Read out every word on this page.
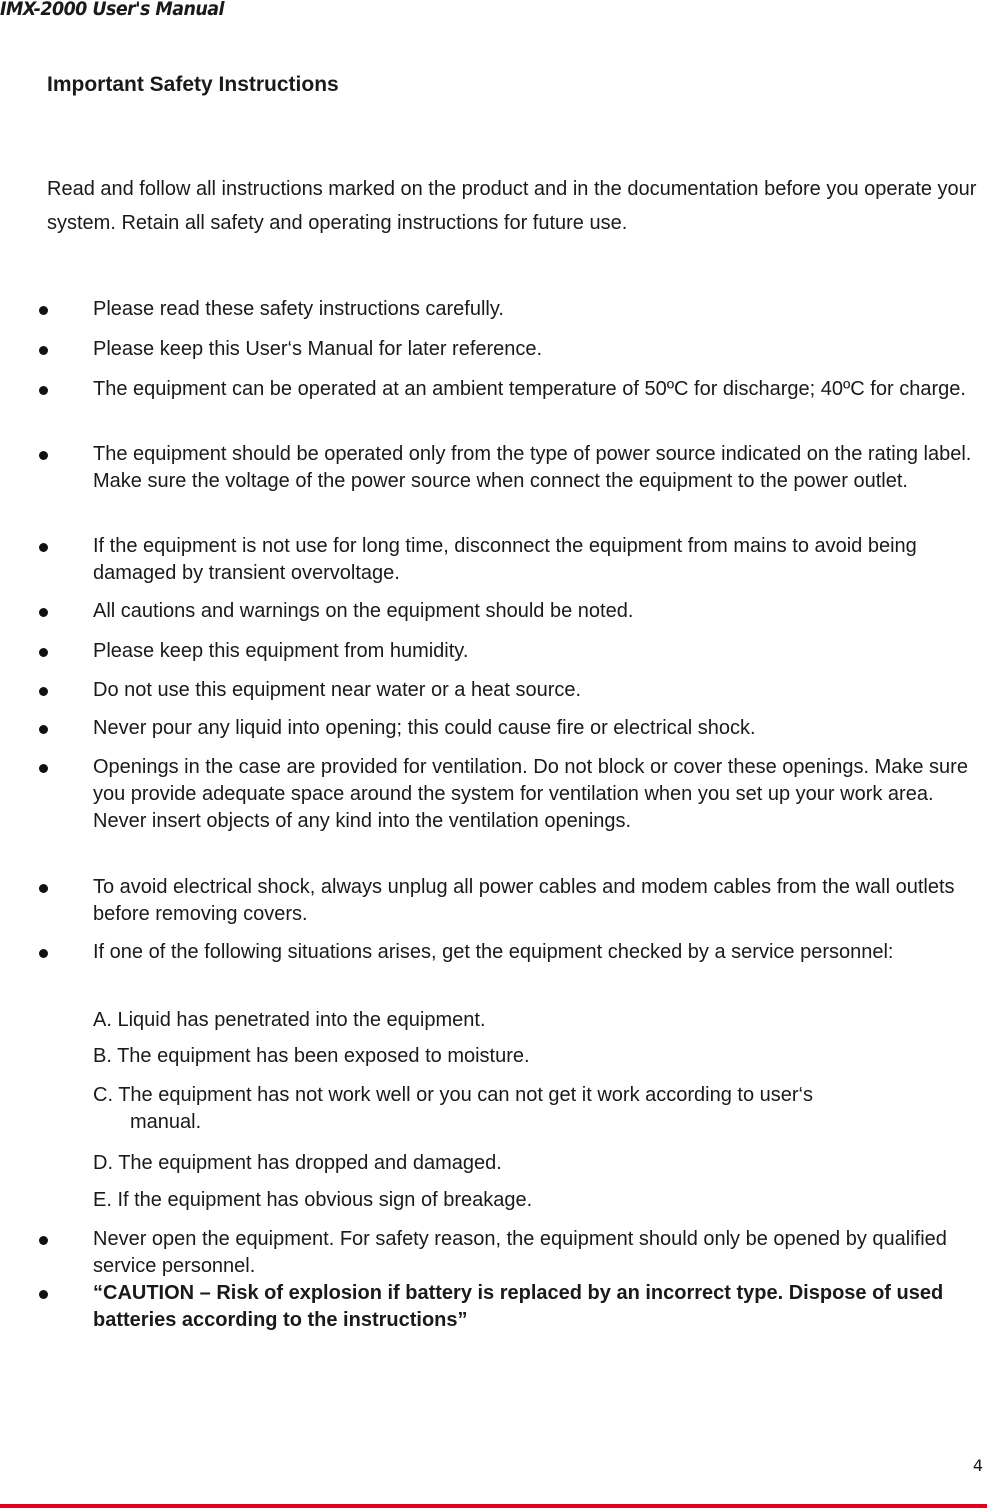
IMX-2000 User's Manual
Important Safety Instructions
Read and follow all instructions marked on the product and in the documentation before you operate your system. Retain all safety and operating instructions for future use.
Please read these safety instructions carefully.
Please keep this User‘s Manual for later reference.
The equipment can be operated at an ambient temperature of 50ºC for discharge; 40ºC for charge.
The equipment should be operated only from the type of power source indicated on the rating label. Make sure the voltage of the power source when connect the equipment to the power outlet.
If the equipment is not use for long time, disconnect the equipment from mains to avoid being damaged by transient overvoltage.
All cautions and warnings on the equipment should be noted.
Please keep this equipment from humidity.
Do not use this equipment near water or a heat source.
Never pour any liquid into opening; this could cause fire or electrical shock.
Openings in the case are provided for ventilation. Do not block or cover these openings. Make sure you provide adequate space around the system for ventilation when you set up your work area. Never insert objects of any kind into the ventilation openings.
To avoid electrical shock, always unplug all power cables and modem cables from the wall outlets before removing covers.
If one of the following situations arises, get the equipment checked by a service personnel:
A. Liquid has penetrated into the equipment.
B. The equipment has been exposed to moisture.
C. The equipment has not work well or you can not get it work according to user‘s
manual.
D. The equipment has dropped and damaged.
E. If the equipment has obvious sign of breakage.
Never open the equipment. For safety reason, the equipment should only be opened by qualified service personnel.
“CAUTION – Risk of explosion if battery is replaced by an incorrect type. Dispose of used batteries according to the instructions”
4
